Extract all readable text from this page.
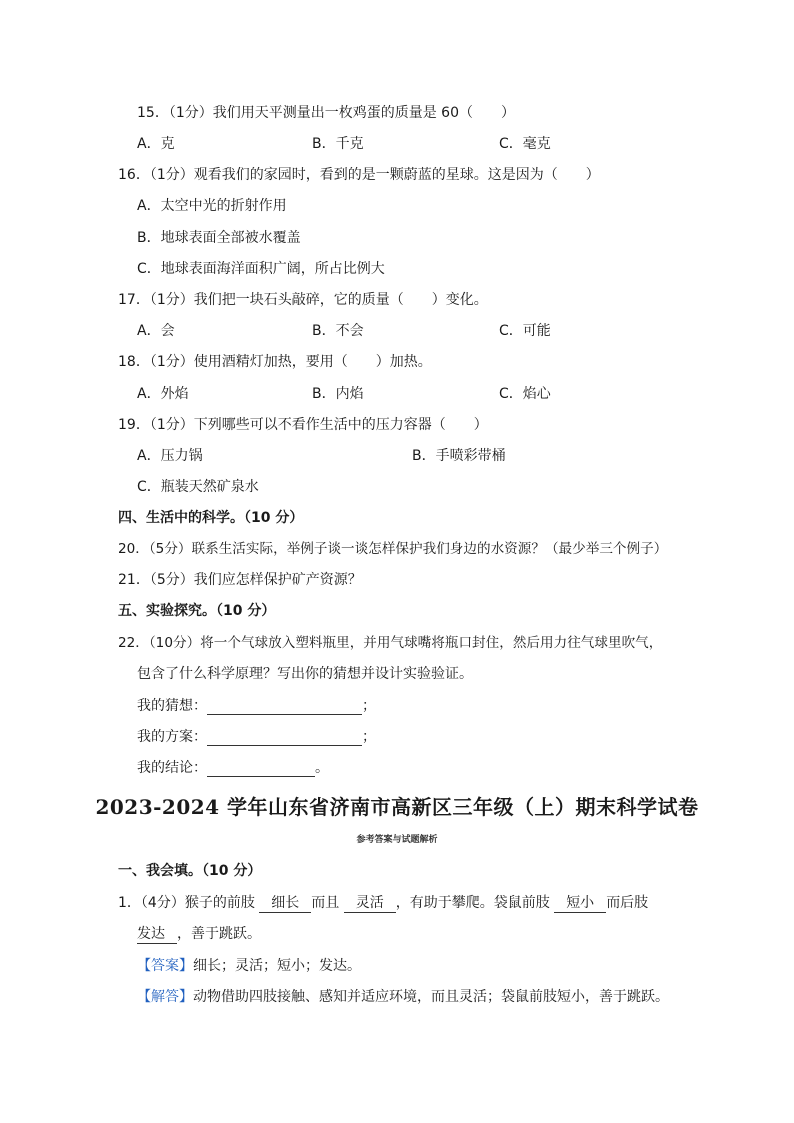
15．（1分）我们用天平测量出一枚鸡蛋的质量是 60（　　）
A．克	B．千克	C．毫克
16．（1分）观看我们的家园时，看到的是一颗蔚蓝的星球。这是因为（　　）
A．太空中光的折射作用
B．地球表面全部被水覆盖
C．地球表面海洋面积广阔，所占比例大
17．（1分）我们把一块石头敲碎，它的质量（　　）变化。
A．会	B．不会	C．可能
18．（1分）使用酒精灯加热，要用（　　）加热。
A．外焰	B．内焰	C．焰心
19．（1分）下列哪些可以不看作生活中的压力容器（　　）
A．压力锅	B．手喷彩带桶
C．瓶装天然矿泉水
四、生活中的科学。（10 分）
20．（5分）联系生活实际，举例子谈一谈怎样保护我们身边的水资源？（最少举三个例子）
21．（5分）我们应怎样保护矿产资源？
五、实验探究。（10 分）
22．（10分）将一个气球放入塑料瓶里，并用气球嘴将瓶口封住，然后用力往气球里吹气，
包含了什么科学原理？写出你的猜想并设计实验验证。
我的猜想：	；
我的方案：	；
我的结论：	。
2023-2024 学年山东省济南市高新区三年级（上）期末科学试卷
参考答案与试题解析
一、我会填。（10 分）
1．（4分）猴子的前肢 细长 而且 灵活 ，有助于攀爬。袋鼠前肢 短小 而后肢
发达 ，善于跳跃。
【答案】细长；灵活；短小；发达。
【解答】动物借助四肢接触、感知并适应环境，而且灵活；袋鼠前肢短小，善于跳跃。
